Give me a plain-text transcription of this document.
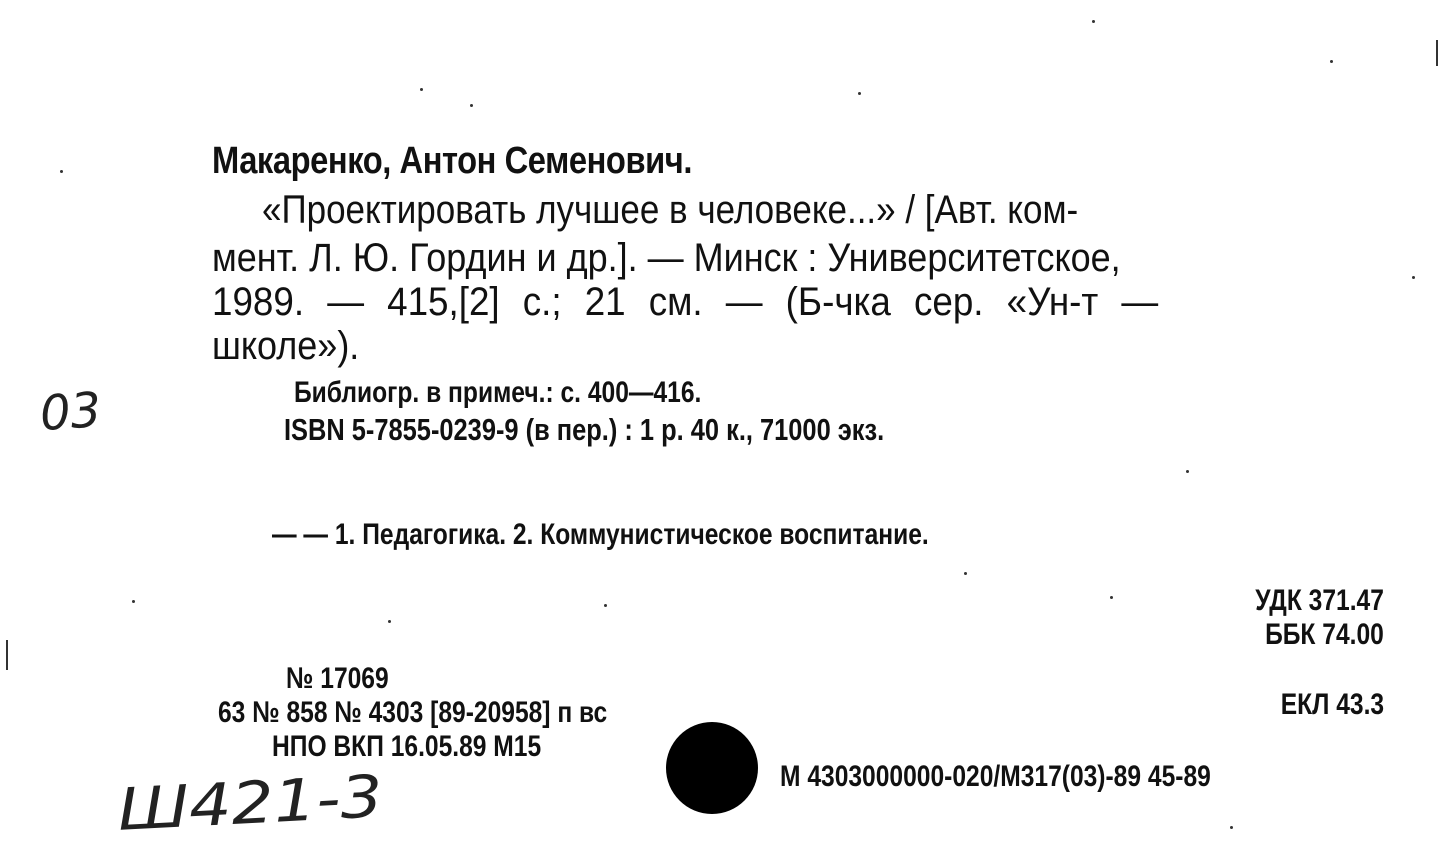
Макаренко, Антон Семенович.
«Проектировать лучшее в человеке...» / [Авт. ком-
мент. Л. Ю. Гордин и др.]. — Минск : Университетское,
1989. — 415,[2] с.; 21 см. — (Б-чка сер. «Ун-т —
школе»).
Библиогр. в примеч.: с. 400—416.
ISBN 5-7855-0239-9 (в пер.) : 1 р. 40 к., 71000 экз.
— — 1. Педагогика. 2. Коммунистическое воспитание.
УДК 371.47
ББК 74.00
ЕКЛ 43.3
№ 17069
63 № 858 № 4303 [89-20958] п вс
НПО ВКП 16.05.89 М15
М 4303000000-020/М317(03)-89 45-89
03
Ш421-3
